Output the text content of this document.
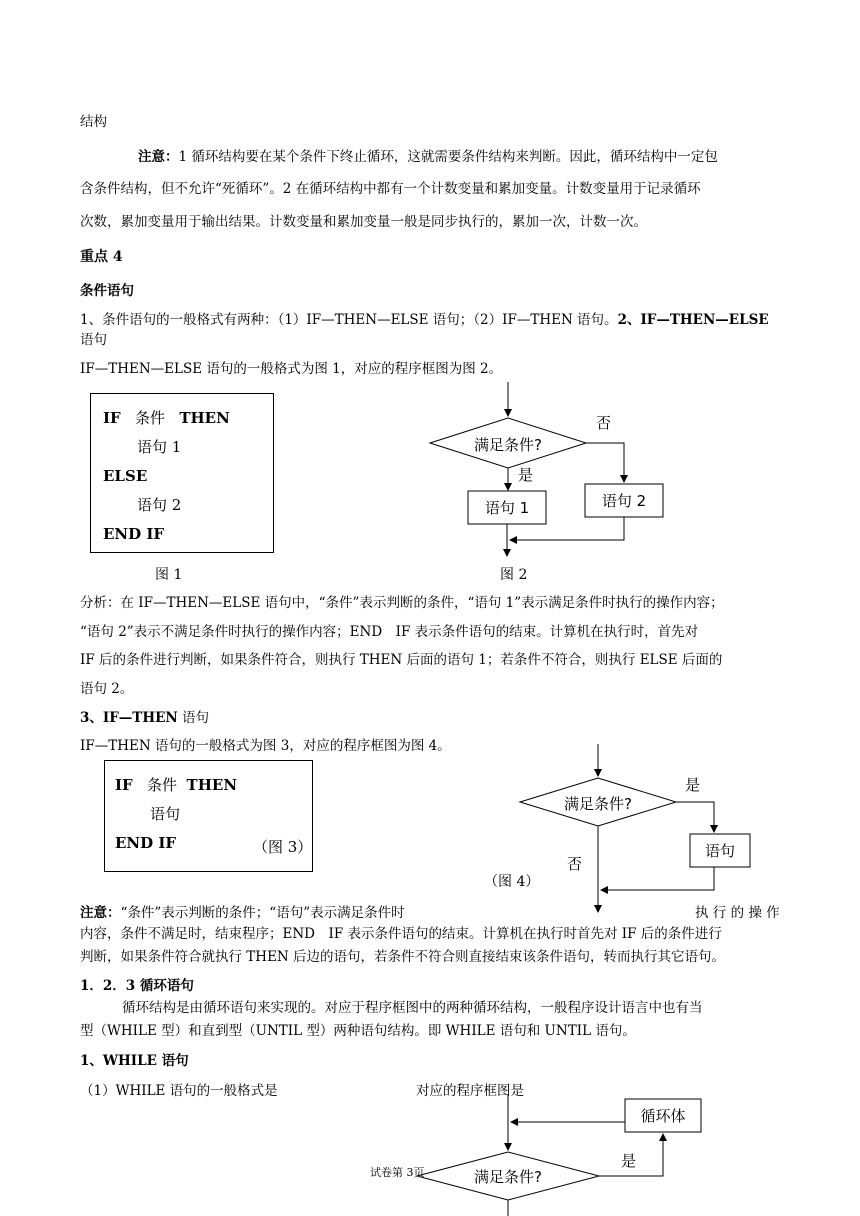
结构
注意：1 循环结构要在某个条件下终止循环，这就需要条件结构来判断。因此，循环结构中一定包
含条件结构，但不允许“死循环”。2 在循环结构中都有一个计数变量和累加变量。计数变量用于记录循环
次数，累加变量用于输出结果。计数变量和累加变量一般是同步执行的，累加一次，计数一次。
重点 4
条件语句
1、条件语句的一般格式有两种：（1）IF—THEN—ELSE 语句；（2）IF—THEN 语句。2、IF—THEN—ELSE
语句
IF—THEN—ELSE 语句的一般格式为图 1，对应的程序框图为图 2。
IF 条件 THEN
语句 1
ELSE
语句 2
END IF
图 1
满足条件?
是
否
语句 1	语句 2
图 2
分析：在 IF—THEN—ELSE 语句中，“条件”表示判断的条件，“语句 1”表示满足条件时执行的操作内容；
“语句 2”表示不满足条件时执行的操作内容；END　IF 表示条件语句的结束。计算机在执行时，首先对
IF 后的条件进行判断，如果条件符合，则执行 THEN 后面的语句 1；若条件不符合，则执行 ELSE 后面的
语句 2。
3、IF—THEN 语句
IF—THEN 语句的一般格式为图 3，对应的程序框图为图 4。
IF 条件 THEN
语句
END IF	（图 3）
满足条件?
是
语句
否
（图 4）
注意：“条件”表示判断的条件；“语句”表示满足条件时	执 行 的 操 作
内容，条件不满足时，结束程序；END　IF 表示条件语句的结束。计算机在执行时首先对 IF 后的条件进行
判断，如果条件符合就执行 THEN 后边的语句，若条件不符合则直接结束该条件语句，转而执行其它语句。
1．2．3 循环语句
循环结构是由循环语句来实现的。对应于程序框图中的两种循环结构，一般程序设计语言中也有当
型（WHILE 型）和直到型（UNTIL 型）两种语句结构。即 WHILE 语句和 UNTIL 语句。
1、WHILE 语句
（1）WHILE 语句的一般格式是	对应的程序框图是
循环体
满足条件?
是
试卷第 3页
